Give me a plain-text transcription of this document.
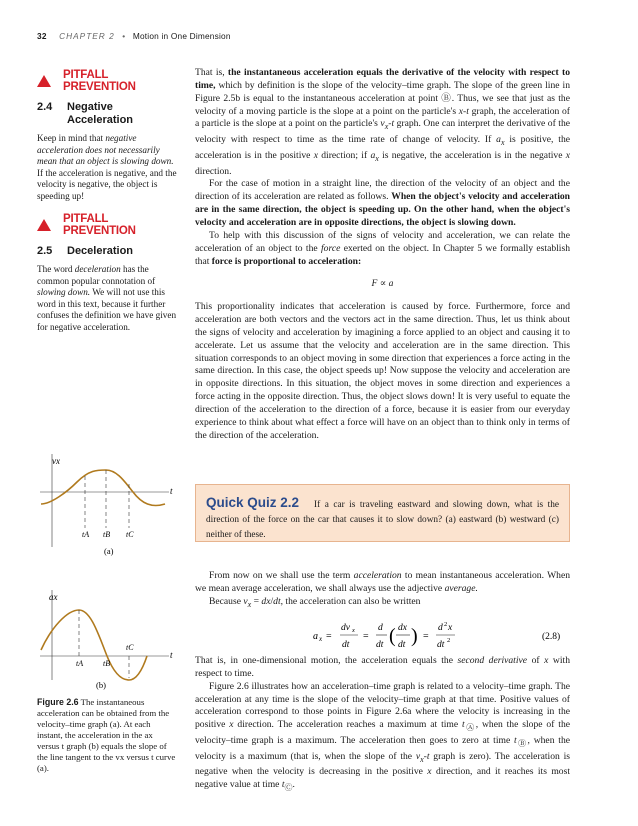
32 CHAPTER 2 • Motion in One Dimension
PITFALL PREVENTION
2.4 Negative
Acceleration
Keep in mind that negative acceleration does not necessarily mean that an object is slowing down. If the acceleration is negative, and the velocity is negative, the object is speeding up!
PITFALL PREVENTION
2.5 Deceleration
The word deceleration has the common popular connotation of slowing down. We will not use this word in this text, because it further confuses the definition we have given for negative acceleration.

That is, the instantaneous acceleration equals the derivative of the velocity with respect to time, which by definition is the slope of the velocity–time graph. The slope of the green line in Figure 2.5b is equal to the instantaneous acceleration at point Ⓑ. Thus, we see that just as the velocity of a moving particle is the slope at a point on the particle's x-t graph, the acceleration of a particle is the slope at a point on the particle's $v_x-t$ graph. One can interpret the derivative of the velocity with respect to time as the time rate of change of velocity. If $a_x$ is positive, the acceleration is in the positive x direction; if $a_x$ is negative, the acceleration is in the negative x direction.

For the case of motion in a straight line, the direction of the velocity of an object and the direction of its acceleration are related as follows. When the object's velocity and acceleration are in the same direction, the object is speeding up. On the other hand, when the object's velocity and acceleration are in opposite directions, the object is slowing down.

To help with this discussion of the signs of velocity and acceleration, we can relate the acceleration of an object to the force exerted on the object. In Chapter 5 we formally establish that force is proportional to acceleration:

F ∝ a

This proportionality indicates that acceleration is caused by force. Furthermore, force and acceleration are both vectors and the vectors act in the same direction. Thus, let us think about the signs of velocity and acceleration by imagining a force applied to an object and causing it to accelerate. Let us assume that the velocity and acceleration are in the same direction. This situation corresponds to an object moving in some direction that experiences a force acting in the same direction. In this case, the object speeds up! Now suppose the velocity and acceleration are in opposite directions. In this situation, the object moves in some direction and experiences a force acting in the opposite direction. Thus, the object slows down! It is very useful to equate the direction of the acceleration to the direction of a force, because it is easier from our everyday experience to think about what effect a force will have on an object than to think only in terms of the direction of the acceleration.

Quick Quiz 2.2	If a car is traveling eastward and slowing down, what is the direction of the force on the car that causes it to slow down? (a) eastward (b) westward (c) neither of these.

From now on we shall use the term acceleration to mean instantaneous acceleration. When we mean average acceleration, we shall always use the adjective average.

Because $v_x = dx/dt$, the acceleration can also be written

a x =
dv x
dt
=
d
dt ( dx
dt ) =
d 2 x
dt 2	(2.8)

That is, in one-dimensional motion, the acceleration equals the second derivative of x with respect to time.

Figure 2.6 illustrates how an acceleration–time graph is related to a velocity–time graph. The acceleration at any time is the slope of the velocity–time graph at that time. Positive values of acceleration correspond to those points in Figure 2.6a where the velocity is increasing in the positive x direction. The acceleration reaches a maximum at time $t_Ⓐ$, when the slope of the velocity–time graph is a maximum. The acceleration then goes to zero at time $t_Ⓑ$, when the velocity is a maximum (that is, when the slope of the $v_x-t$ graph is zero). The acceleration is negative when the velocity is decreasing in the positive x direction, and it reaches its most negative value at time $t_Ⓒ$.

vx
t
tA tB tC
(a)
ax
t
tA tB
tC
(b)
Figure 2.6 The instantaneous acceleration can be obtained from the velocity–time graph (a). At each instant, the acceleration in the ax versus t graph (b) equals the slope of the line tangent to the vx versus t curve (a).
